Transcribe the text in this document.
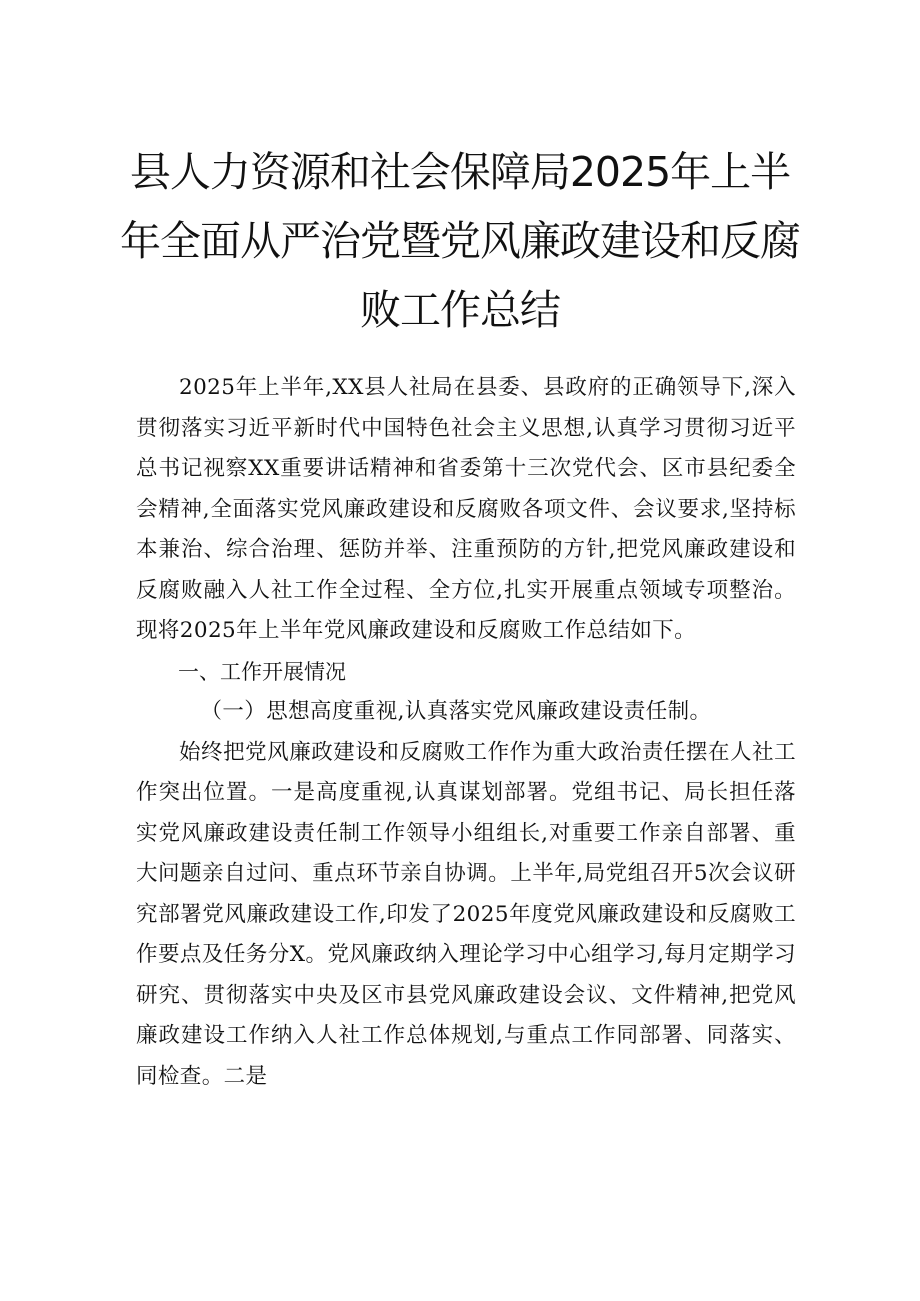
县人力资源和社会保障局2025年上半年全面从严治党暨党风廉政建设和反腐败工作总结

2025年上半年,XX县人社局在县委、县政府的正确领导下,深入贯彻落实习近平新时代中国特色社会主义思想,认真学习贯彻习近平总书记视察XX重要讲话精神和省委第十三次党代会、区市县纪委全会精神,全面落实党风廉政建设和反腐败各项文件、会议要求,坚持标本兼治、综合治理、惩防并举、注重预防的方针,把党风廉政建设和反腐败融入人社工作全过程、全方位,扎实开展重点领域专项整治。现将2025年上半年党风廉政建设和反腐败工作总结如下。

一、工作开展情况

（一）思想高度重视,认真落实党风廉政建设责任制。

始终把党风廉政建设和反腐败工作作为重大政治责任摆在人社工作突出位置。一是高度重视,认真谋划部署。党组书记、局长担任落实党风廉政建设责任制工作领导小组组长,对重要工作亲自部署、重大问题亲自过问、重点环节亲自协调。上半年,局党组召开5次会议研究部署党风廉政建设工作,印发了2025年度党风廉政建设和反腐败工作要点及任务分X。党风廉政纳入理论学习中心组学习,每月定期学习研究、贯彻落实中央及区市县党风廉政建设会议、文件精神,把党风廉政建设工作纳入人社工作总体规划,与重点工作同部署、同落实、同检查。二是
